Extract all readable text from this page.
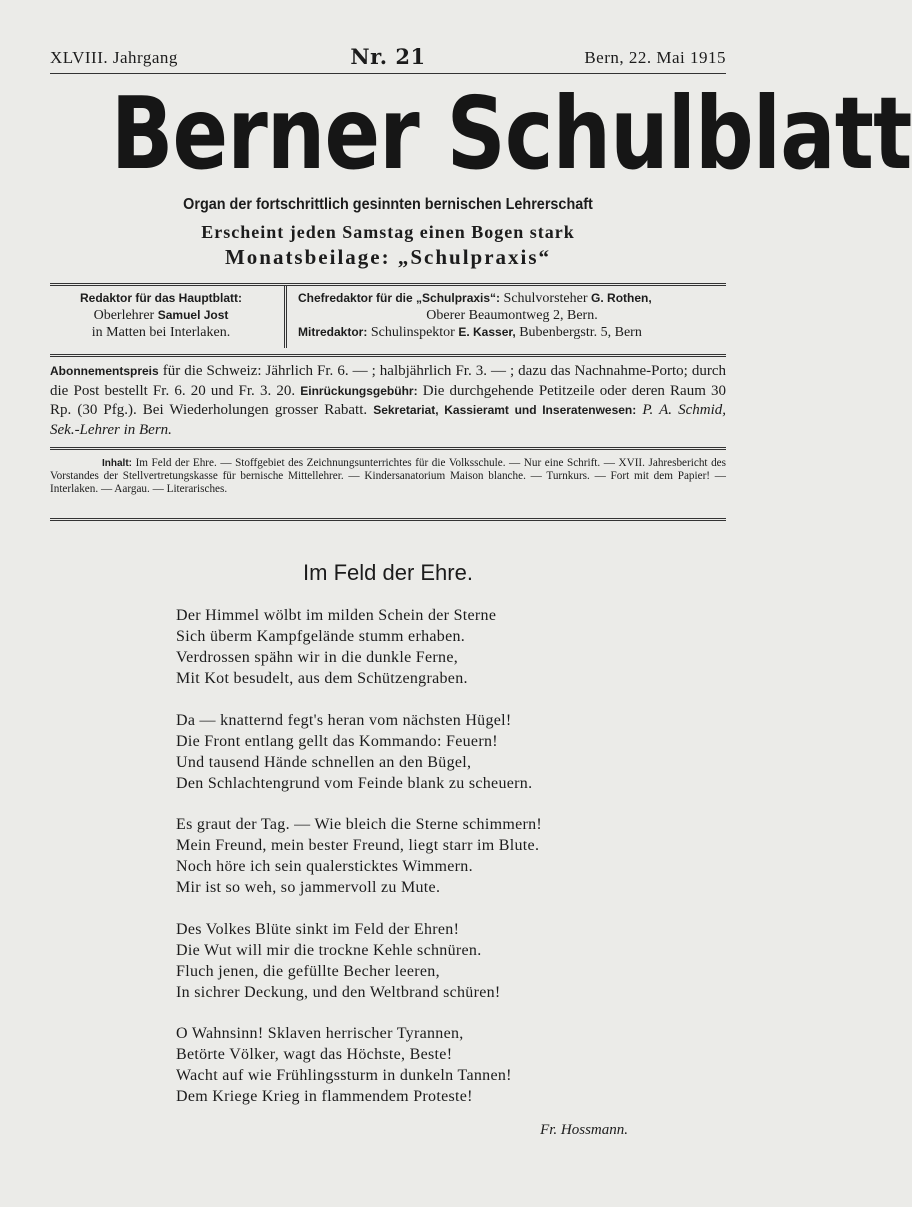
XLVIII. Jahrgang	Nr. 21	Bern, 22. Mai 1915
Berner Schulblatt
Organ der fortschrittlich gesinnten bernischen Lehrerschaft
Erscheint jeden Samstag einen Bogen stark
Monatsbeilage: „Schulpraxis“
Redaktor für das Hauptblatt:
Oberlehrer Samuel Jost
in Matten bei Interlaken.
Chefredaktor für die „Schulpraxis“: Schulvorsteher G. Rothen,
Oberer Beaumontweg 2, Bern.
Mitredaktor: Schulinspektor E. Kasser, Bubenbergstr. 5, Bern

Abonnementspreis für die Schweiz: Jährlich Fr. 6. — ; halbjährlich Fr. 3. — ; dazu das Nachnahme-Porto; durch die Post bestellt Fr. 6. 20 und Fr. 3. 20. Einrückungsgebühr: Die durchgehende Petitzeile oder deren Raum 30 Rp. (30 Pfg.). Bei Wiederholungen grosser Rabatt. Sekretariat, Kassieramt und Inseratenwesen: P. A. Schmid, Sek.-Lehrer in Bern.

Inhalt: Im Feld der Ehre. — Stoffgebiet des Zeichnungsunterrichtes für die Volksschule. — Nur eine Schrift. — XVII. Jahresbericht des Vorstandes der Stellvertretungskasse für bernische Mittellehrer. — Kindersanatorium Maison blanche. — Turnkurs. — Fort mit dem Papier! — Interlaken. — Aargau. — Literarisches.
Im Feld der Ehre.
Der Himmel wölbt im milden Schein der Sterne
Sich überm Kampfgelände stumm erhaben.
Verdrossen spähn wir in die dunkle Ferne,
Mit Kot besudelt, aus dem Schützengraben.
Da — knatternd fegt's heran vom nächsten Hügel!
Die Front entlang gellt das Kommando: Feuern!
Und tausend Hände schnellen an den Bügel,
Den Schlachtengrund vom Feinde blank zu scheuern.
Es graut der Tag. — Wie bleich die Sterne schimmern!
Mein Freund, mein bester Freund, liegt starr im Blute.
Noch höre ich sein qualersticktes Wimmern.
Mir ist so weh, so jammervoll zu Mute.
Des Volkes Blüte sinkt im Feld der Ehren!
Die Wut will mir die trockne Kehle schnüren.
Fluch jenen, die gefüllte Becher leeren,
In sichrer Deckung, und den Weltbrand schüren!
O Wahnsinn! Sklaven herrischer Tyrannen,
Betörte Völker, wagt das Höchste, Beste!
Wacht auf wie Frühlingssturm in dunkeln Tannen!
Dem Kriege Krieg in flammendem Proteste!
Fr. Hossmann.
